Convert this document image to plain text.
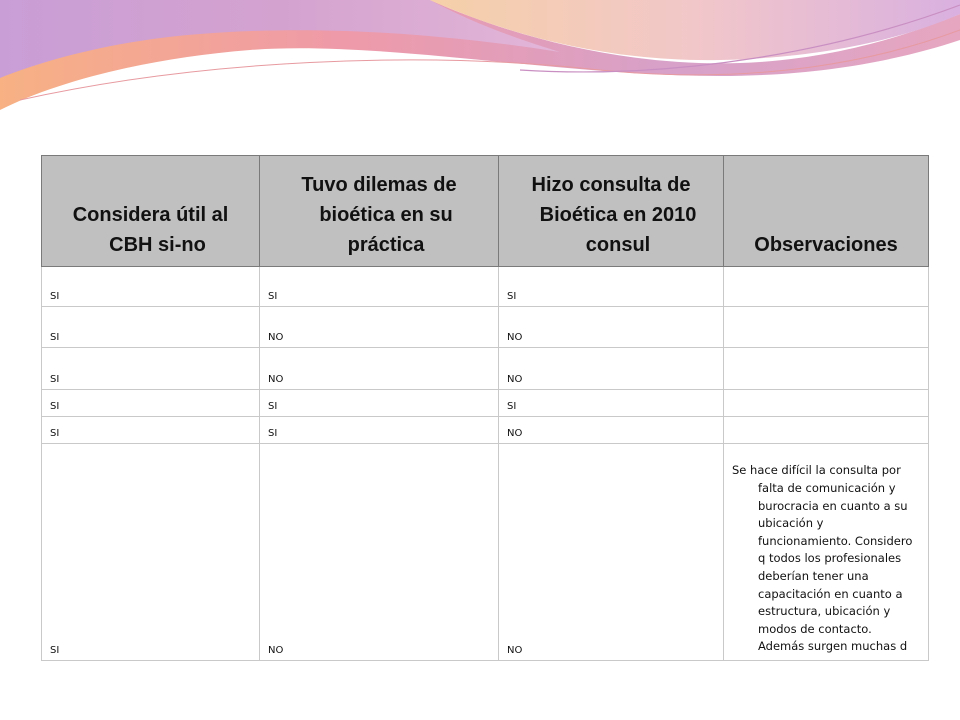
Considera útil al CBH si-no	Tuvo dilemas de bioética en su práctica	Hizo consulta de Bioética en 2010 consul	Observaciones

SI	SI	SI	
SI	NO	NO	
SI	NO	NO	
SI	SI	SI	
SI	SI	NO	
SI	NO	NO	Se hace difícil la consulta por falta de comunicación y burocracia en cuanto a su ubicación y funcionamiento. Considero q todos los profesionales deberían tener una capacitación en cuanto a estructura, ubicación y modos de contacto. Además surgen muchas d
